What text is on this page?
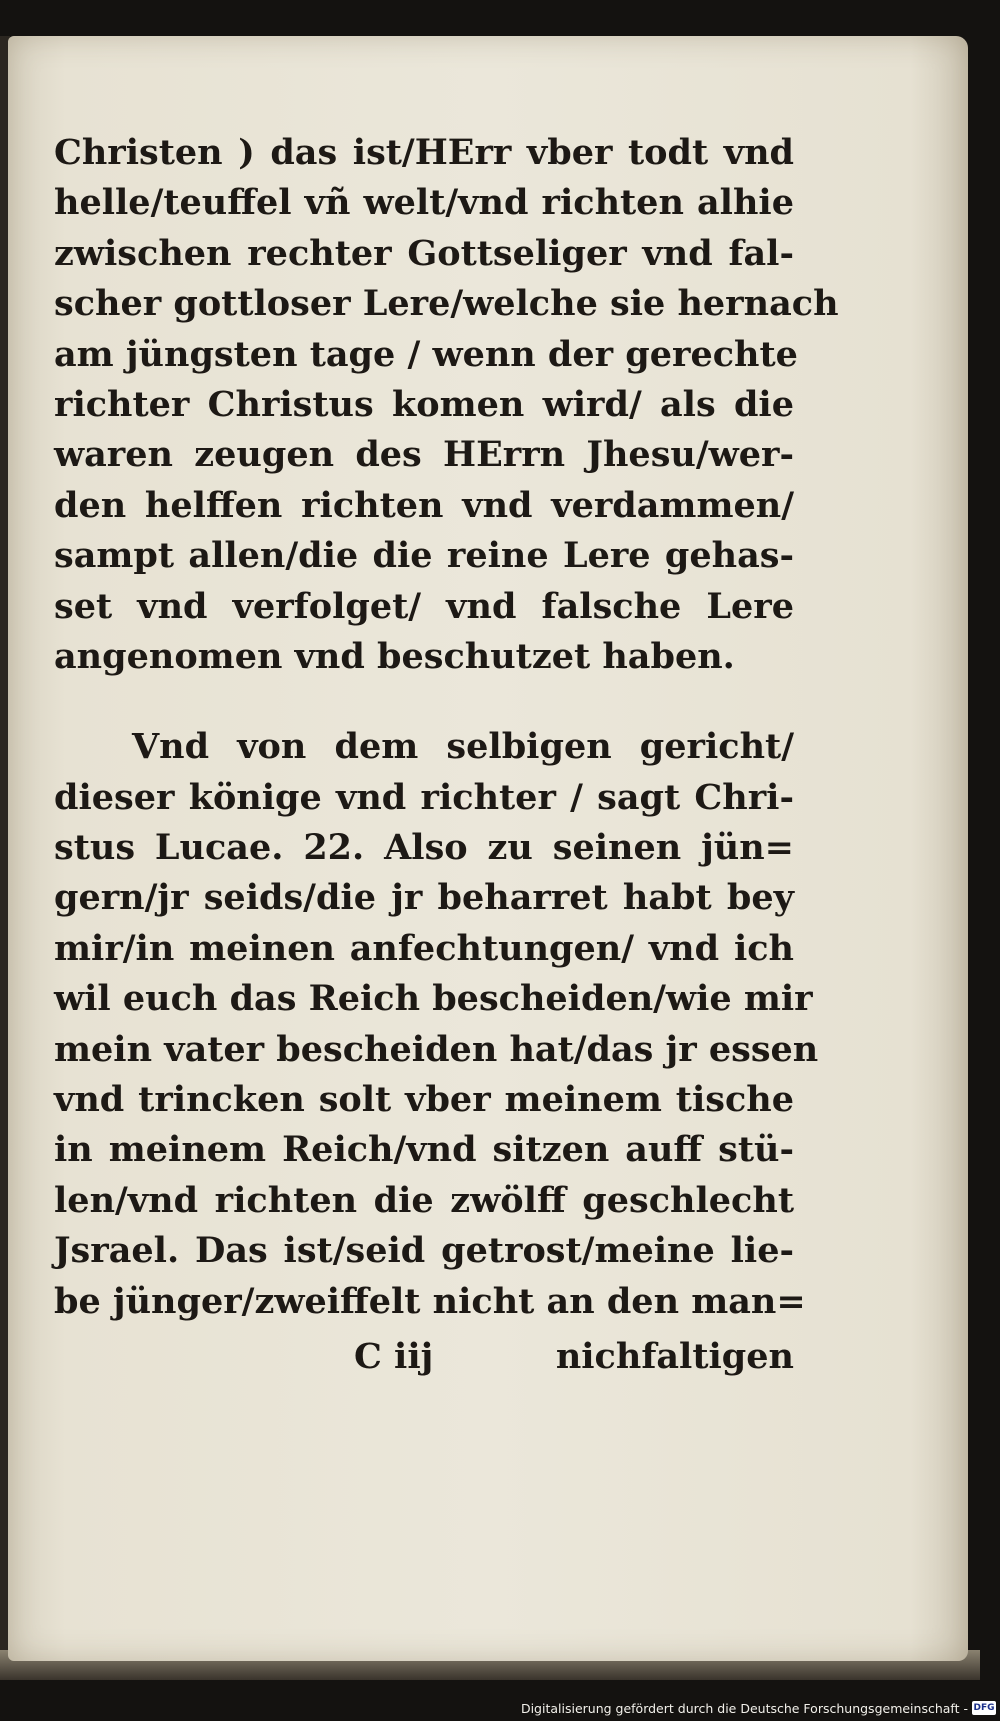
Christen ) das ist/HErr vber todt vnd
helle/teuffel vñ welt/vnd richten alhie
zwischen rechter Gottseliger vnd fal-
scher gottloser Lere/welche sie hernach
am jüngsten tage / wenn der gerechte
richter Christus komen wird/ als die
waren zeugen des HErrn Jhesu/wer-
den helffen richten vnd verdammen/
sampt allen/die die reine Lere gehas-
set vnd verfolget/ vnd falsche Lere
angenomen vnd beschutzet haben.
Vnd von dem selbigen gericht/
dieser könige vnd richter / sagt Chri-
stus Lucae. 22. Also zu seinen jün=
gern/jr seids/die jr beharret habt bey
mir/in meinen anfechtungen/ vnd ich
wil euch das Reich bescheiden/wie mir
mein vater bescheiden hat/das jr essen
vnd trincken solt vber meinem tische
in meinem Reich/vnd sitzen auff stü-
len/vnd richten die zwölff geschlecht
Jsrael. Das ist/seid getrost/meine lie-
be jünger/zweiffelt nicht an den man=
C iij	nichfaltigen
Digitalisierung gefördert durch die Deutsche Forschungsgemeinschaft - DFG
